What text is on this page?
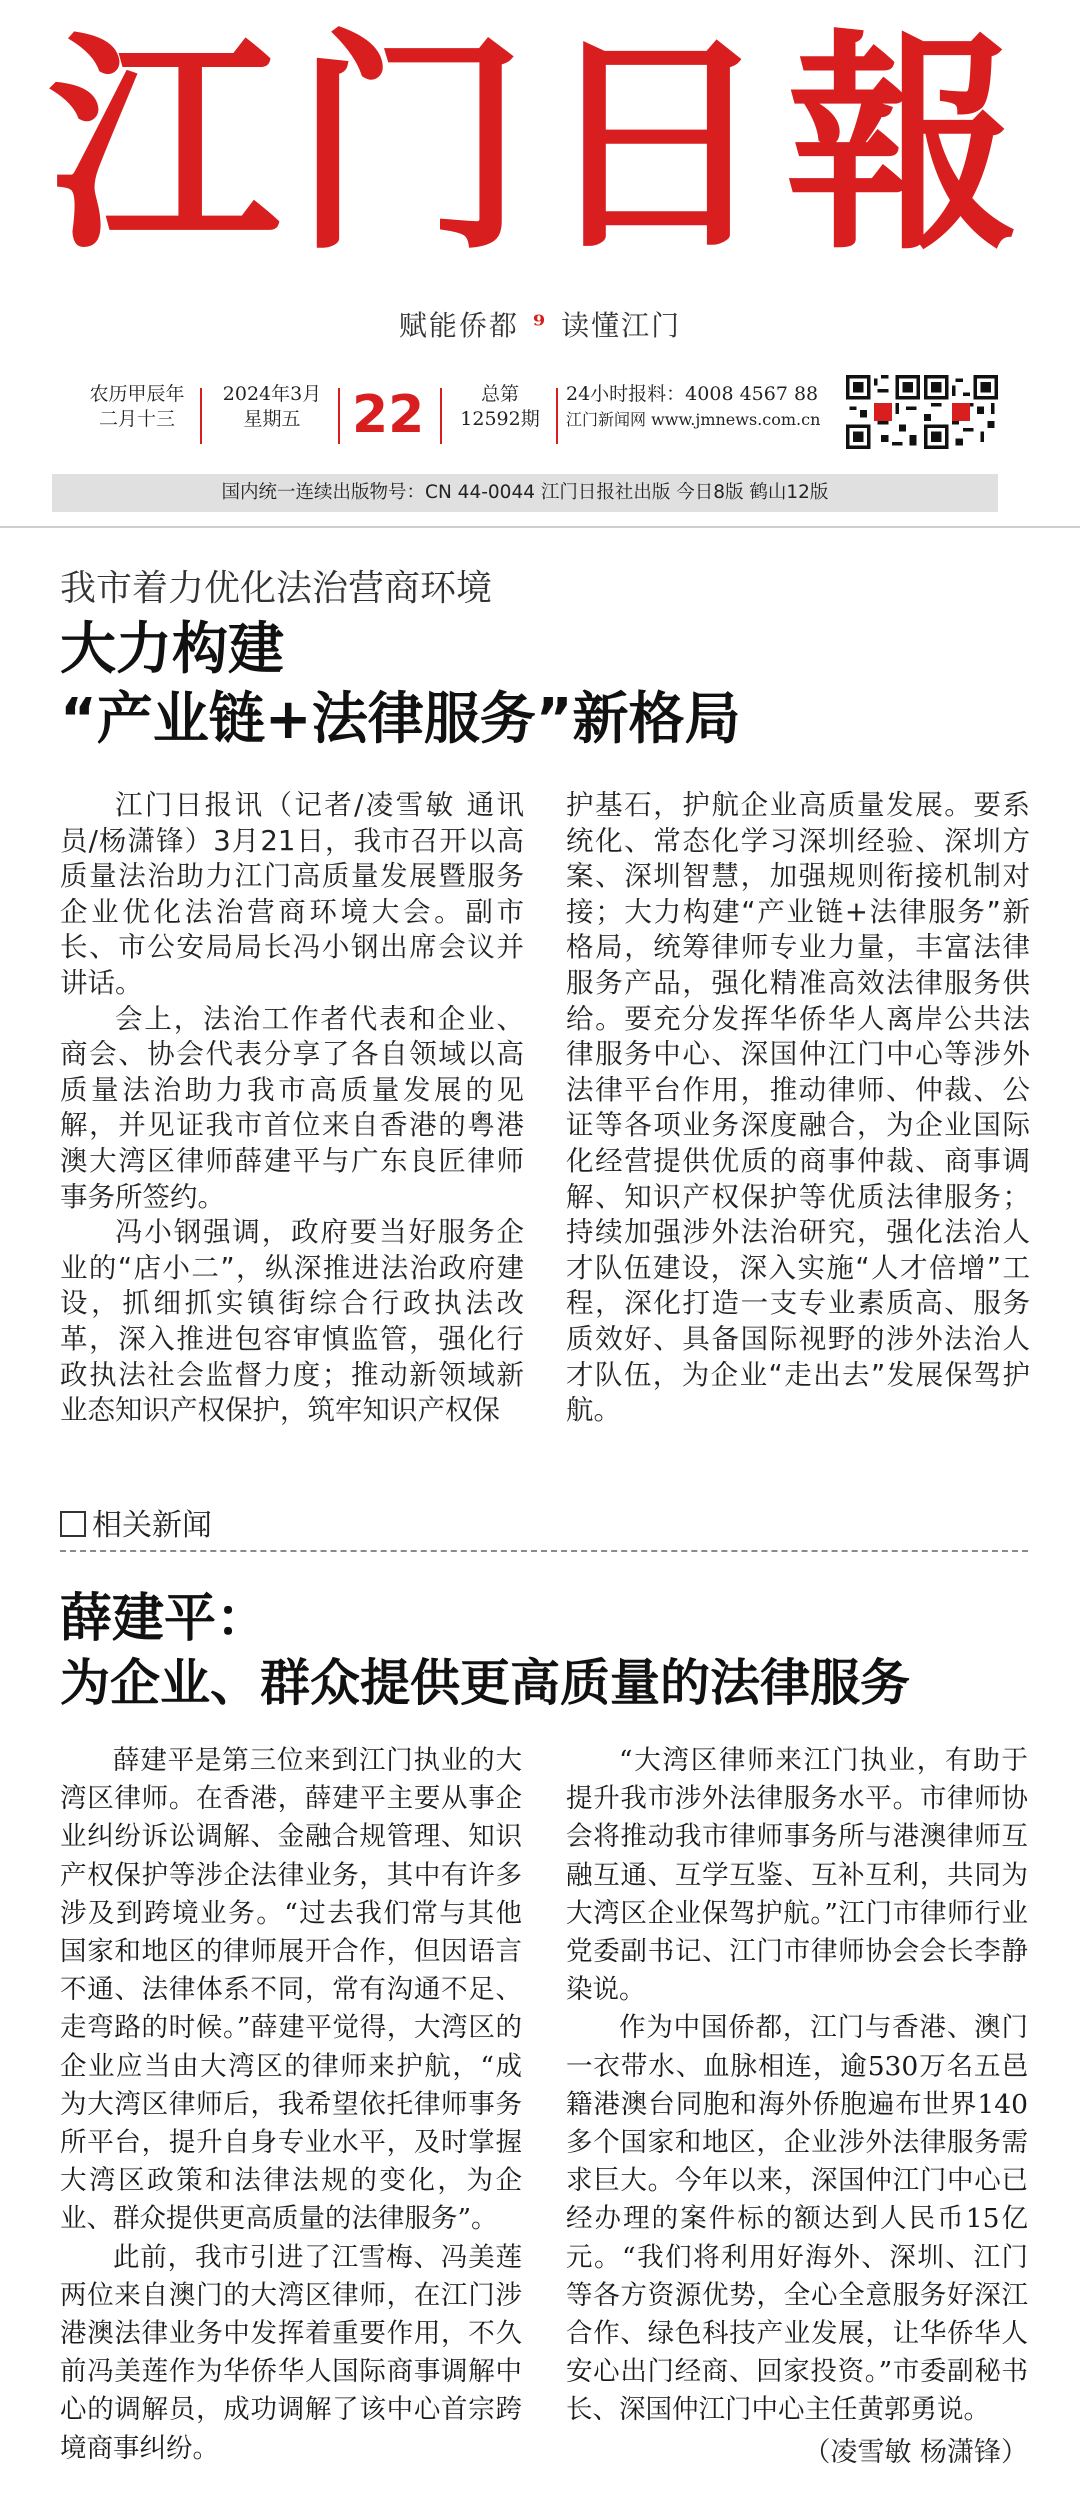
江门日報
赋能侨都 ⁹ 读懂江门
农历甲辰年
二月十三
2024年3月
星期五 22	总第
12592期
24小时报料：4008 4567 88
江门新闻网 www.jmnews.com.cn
国内统一连续出版物号：CN 44-0044 江门日报社出版 今日8版 鹤山12版
我市着力优化法治营商环境
大力构建
“产业链+法律服务”新格局

江门日报讯（记者/凌雪敏 通讯员/杨潇锋）3月21日，我市召开以高质量法治助力江门高质量发展暨服务企业优化法治营商环境大会。副市长、市公安局局长冯小钢出席会议并讲话。

会上，法治工作者代表和企业、商会、协会代表分享了各自领域以高质量法治助力我市高质量发展的见解，并见证我市首位来自香港的粤港澳大湾区律师薛建平与广东良匠律师事务所签约。

冯小钢强调，政府要当好服务企业的“店小二”，纵深推进法治政府建设，抓细抓实镇街综合行政执法改革，深入推进包容审慎监管，强化行政执法社会监督力度；推动新领域新业态知识产权保护，筑牢知识产权保

护基石，护航企业高质量发展。要系统化、常态化学习深圳经验、深圳方案、深圳智慧，加强规则衔接机制对接；大力构建“产业链+法律服务”新格局，统筹律师专业力量，丰富法律服务产品，强化精准高效法律服务供给。要充分发挥华侨华人离岸公共法律服务中心、深国仲江门中心等涉外法律平台作用，推动律师、仲裁、公证等各项业务深度融合，为企业国际化经营提供优质的商事仲裁、商事调解、知识产权保护等优质法律服务；持续加强涉外法治研究，强化法治人才队伍建设，深入实施“人才倍增”工程，深化打造一支专业素质高、服务质效好、具备国际视野的涉外法治人才队伍，为企业“走出去”发展保驾护航。

相关新闻
薛建平：
为企业、群众提供更高质量的法律服务

薛建平是第三位来到江门执业的大湾区律师。在香港，薛建平主要从事企业纠纷诉讼调解、金融合规管理、知识产权保护等涉企法律业务，其中有许多涉及到跨境业务。“过去我们常与其他国家和地区的律师展开合作，但因语言不通、法律体系不同，常有沟通不足、走弯路的时候。”薛建平觉得，大湾区的企业应当由大湾区的律师来护航，“成为大湾区律师后，我希望依托律师事务所平台，提升自身专业水平，及时掌握大湾区政策和法律法规的变化，为企业、群众提供更高质量的法律服务”。

此前，我市引进了江雪梅、冯美莲两位来自澳门的大湾区律师，在江门涉港澳法律业务中发挥着重要作用，不久前冯美莲作为华侨华人国际商事调解中心的调解员，成功调解了该中心首宗跨境商事纠纷。

“大湾区律师来江门执业，有助于提升我市涉外法律服务水平。市律师协会将推动我市律师事务所与港澳律师互融互通、互学互鉴、互补互利，共同为大湾区企业保驾护航。”江门市律师行业党委副书记、江门市律师协会会长李静染说。

作为中国侨都，江门与香港、澳门一衣带水、血脉相连，逾530万名五邑籍港澳台同胞和海外侨胞遍布世界140多个国家和地区，企业涉外法律服务需求巨大。今年以来，深国仲江门中心已经办理的案件标的额达到人民币15亿元。“我们将利用好海外、深圳、江门等各方资源优势，全心全意服务好深江合作、绿色科技产业发展，让华侨华人安心出门经商、回家投资。”市委副秘书长、深国仲江门中心主任黄郭勇说。

（凌雪敏 杨潇锋）
